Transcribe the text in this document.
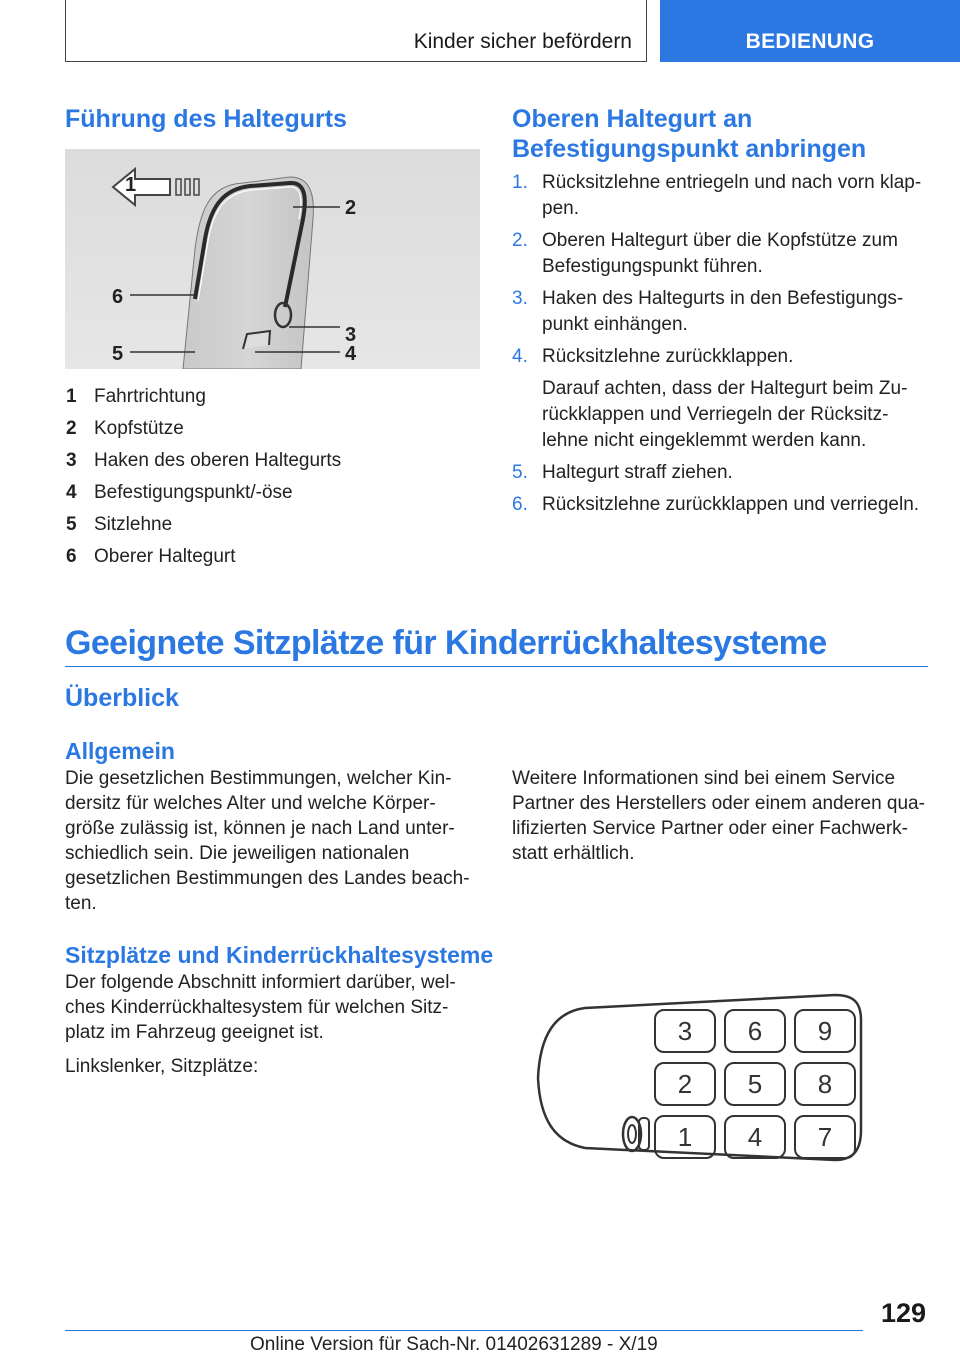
Kinder sicher befördern	BEDIENUNG
Führung des Haltegurts
1
2
6
3
5	4
1 Fahrtrichtung
2 Kopfstütze
3 Haken des oberen Haltegurts
4 Befestigungspunkt/-öse
5 Sitzlehne
6 Oberer Haltegurt
Oberen Haltegurt an
Befestigungspunkt anbringen
1. Rücksitzlehne entriegeln und nach vorn klap‐pen.
2. Oberen Haltegurt über die Kopfstütze zum Befestigungspunkt führen.
3. Haken des Haltegurts in den Befestigungs‐punkt einhängen.
4. Rücksitzlehne zurückklappen.
Darauf achten, dass der Haltegurt beim Zu‐rückklappen und Verriegeln der Rücksitz‐lehne nicht eingeklemmt werden kann.
5. Haltegurt straff ziehen.
6. Rücksitzlehne zurückklappen und verriegeln.
Geeignete Sitzplätze für Kinderrückhaltesysteme
Überblick
Allgemein
Die gesetzlichen Bestimmungen, welcher Kin‐dersitz für welches Alter und welche Körper‐größe zulässig ist, können je nach Land unter‐schiedlich sein. Die jeweiligen nationalen gesetzlichen Bestimmungen des Landes beach‐ten.
Weitere Informationen sind bei einem Service Partner des Herstellers oder einem anderen qua‐lifizierten Service Partner oder einer Fachwerk‐statt erhältlich.
Sitzplätze und Kinderrückhaltesysteme
Der folgende Abschnitt informiert darüber, wel‐ches Kinderrückhaltesystem für welchen Sitz‐platz im Fahrzeug geeignet ist.
Linkslenker, Sitzplätze:
3 6 9
2 5 8
1 4 7
129
Online Version für Sach-Nr. 01402631289 - X/19
